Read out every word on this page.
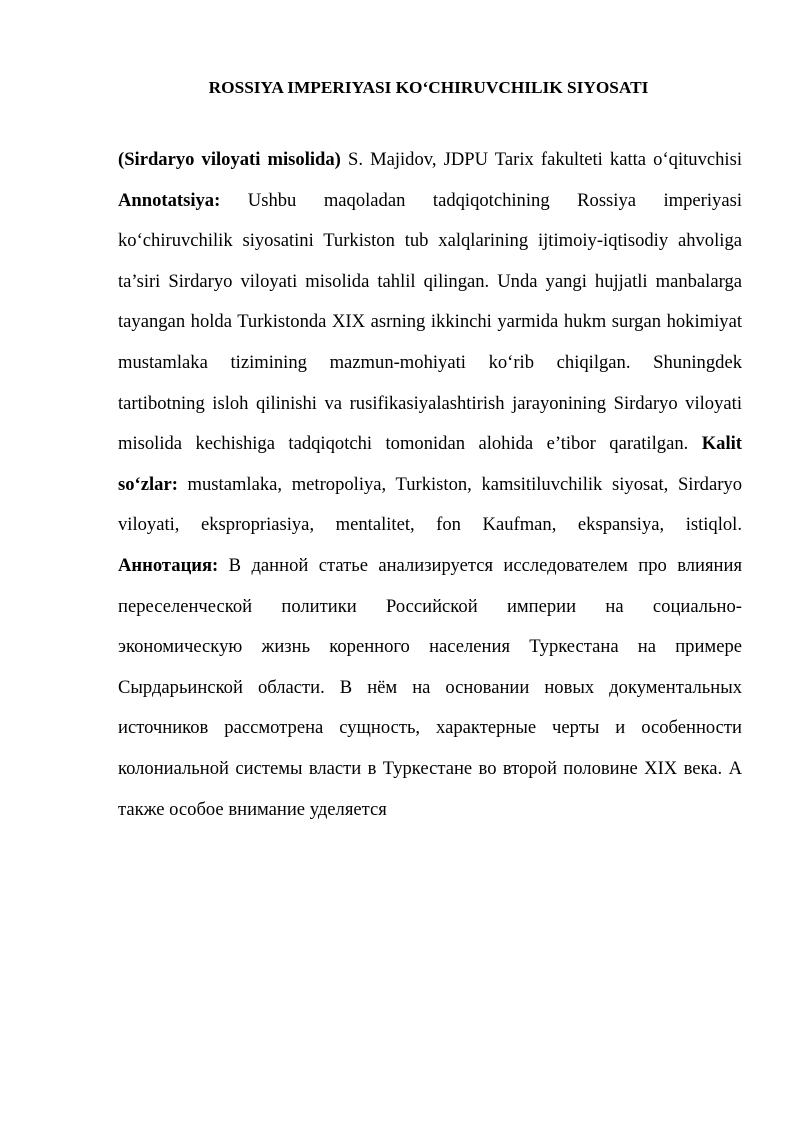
ROSSIYA IMPERIYASI KO‘CHIRUVCHILIK SIYOSATI

(Sirdaryo viloyati misolida) S. Majidov, JDPU Tarix fakulteti katta o‘qituvchisi Annotatsiya: Ushbu maqoladan tadqiqotchining Rossiya imperiyasi ko‘chiruvchilik siyosatini Turkiston tub xalqlarining ijtimoiy-iqtisodiy ahvoliga ta’siri Sirdaryo viloyati misolida tahlil qilingan. Unda yangi hujjatli manbalarga tayangan holda Turkistonda XIX asrning ikkinchi yarmida hukm surgan hokimiyat mustamlaka tizimining mazmun-mohiyati ko‘rib chiqilgan. Shuningdek tartibotning isloh qilinishi va rusifikasiyalashtirish jarayonining Sirdaryo viloyati misolida kechishiga tadqiqotchi tomonidan alohida e’tibor qaratilgan. Kalit so‘zlar: mustamlaka, metropoliya, Turkiston, kamsitiluvchilik siyosat, Sirdaryo viloyati, ekspropriasiya, mentalitet, fon Kaufman, ekspansiya, istiqlol. Аннотация: В данной статье анализируется исследователем про влияния переселенческой политики Российской империи на социально-экономическую жизнь коренного населения Туркестана на примере Сырдарьинской области. В нём на основании новых документальных источников рассмотрена сущность, характерные черты и особенности колониальной системы власти в Туркестане во второй половине XIX века. А также особое внимание уделяется
